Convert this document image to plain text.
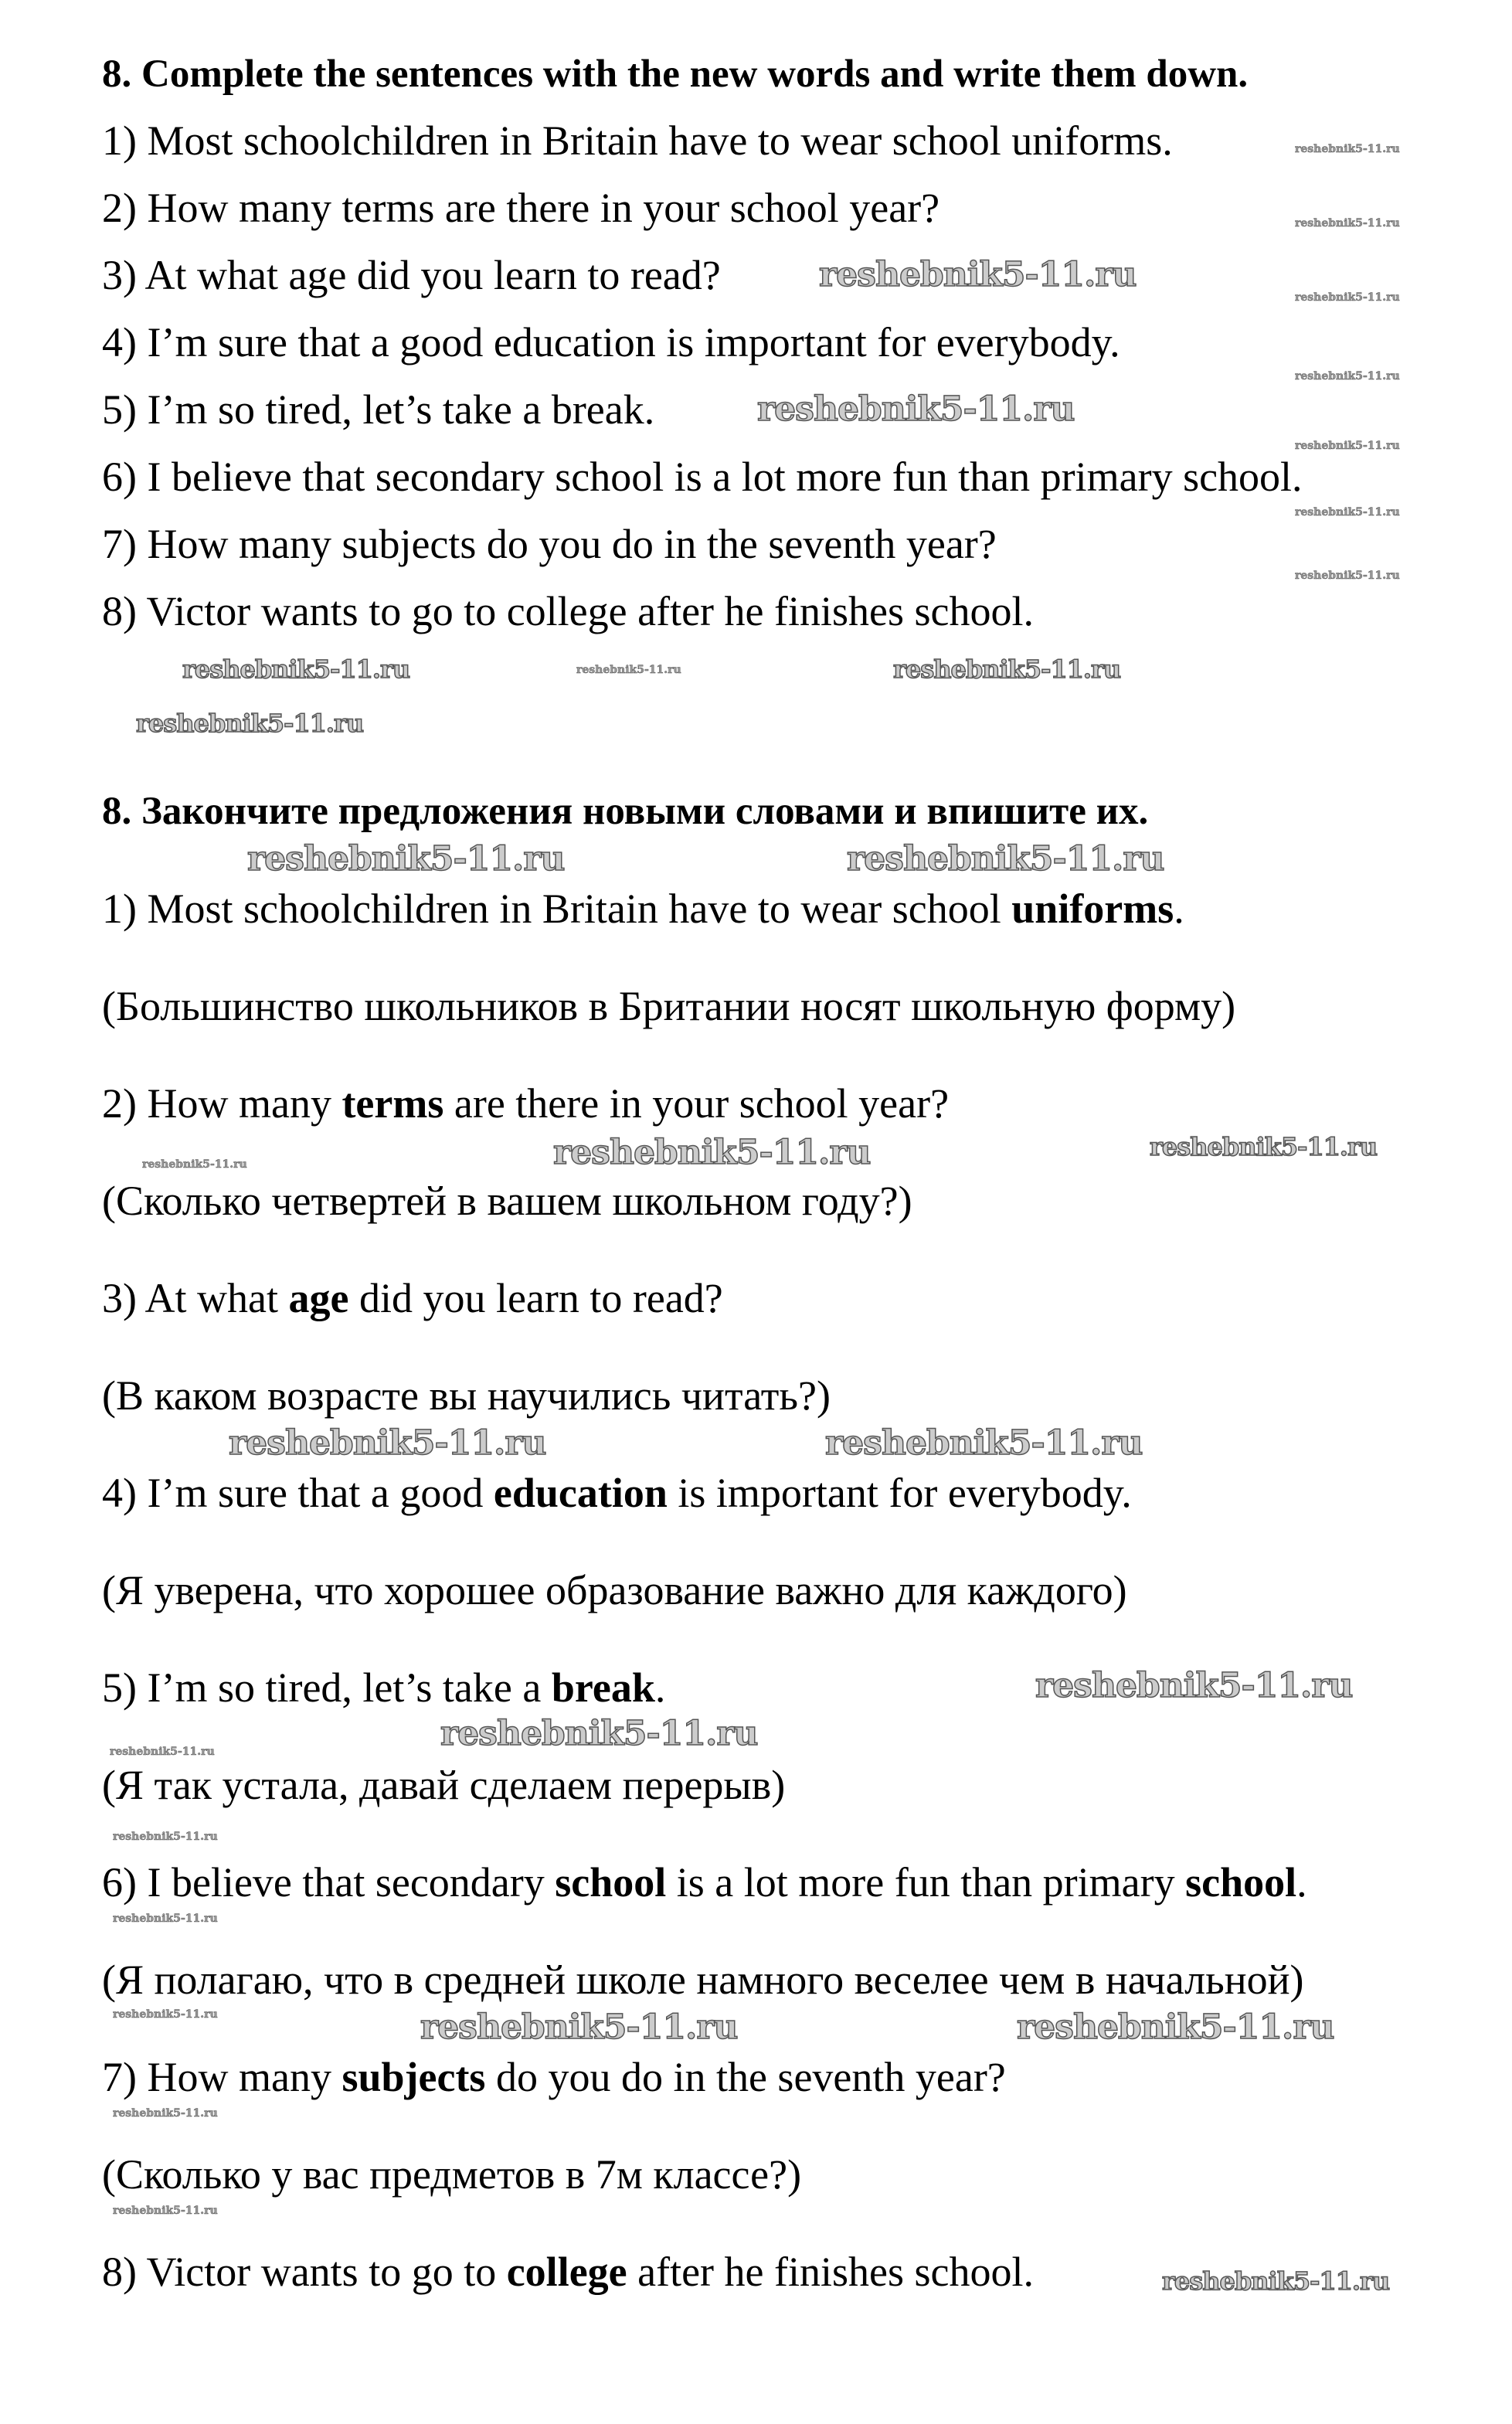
8. Complete the sentences with the new words and write them down.
1) Most schoolchildren in Britain have to wear school uniforms.
2) How many terms are there in your school year?
3) At what age did you learn to read?
4) I’m sure that a good education is important for everybody.
5) I’m so tired, let’s take a break.
6) I believe that secondary school is a lot more fun than primary school.
7) How many subjects do you do in the seventh year?
8) Victor wants to go to college after he finishes school.
8. Закончите предложения новыми словами и впишите их.
1) Most schoolchildren in Britain have to wear school uniforms.
(Большинство школьников в Британии носят школьную форму)
2) How many terms are there in your school year?
(Сколько четвертей в вашем школьном году?)
3) At what age did you learn to read?
(В каком возрасте вы научились читать?)
4) I’m sure that a good education is important for everybody.
(Я уверена, что хорошее образование важно для каждого)
5) I’m so tired, let’s take a break.
(Я так устала, давай сделаем перерыв)
6) I believe that secondary school is a lot more fun than primary school.
(Я полагаю, что в средней школе намного веселее чем в начальной)
7) How many subjects do you do in the seventh year?
(Сколько у вас предметов в 7м классе?)
8) Victor wants to go to college after he finishes school.
reshebnik5-11.ru
reshebnik5-11.ru
reshebnik5-11.ru	reshebnik5-11.ru	reshebnik5-11.ru
reshebnik5-11.ru
reshebnik5-11.ru
reshebnik5-11.ru
reshebnik5-11.ru
reshebnik5-11.ru
reshebnik5-11.ru
reshebnik5-11.ru
reshebnik5-11.ru
reshebnik5-11.ru	reshebnik5-11.ru
reshebnik5-11.ru
reshebnik5-11.ru	reshebnik5-11.ru
reshebnik5-11.ru	reshebnik5-11.ru
reshebnik5-11.ru
reshebnik5-11.ru
reshebnik5-11.ru
reshebnik5-11.ru
reshebnik5-11.ru
reshebnik5-11.ru
reshebnik5-11.ru
reshebnik5-11.ru
reshebnik5-11.ru	reshebnik5-11.ru
reshebnik5-11.ru
